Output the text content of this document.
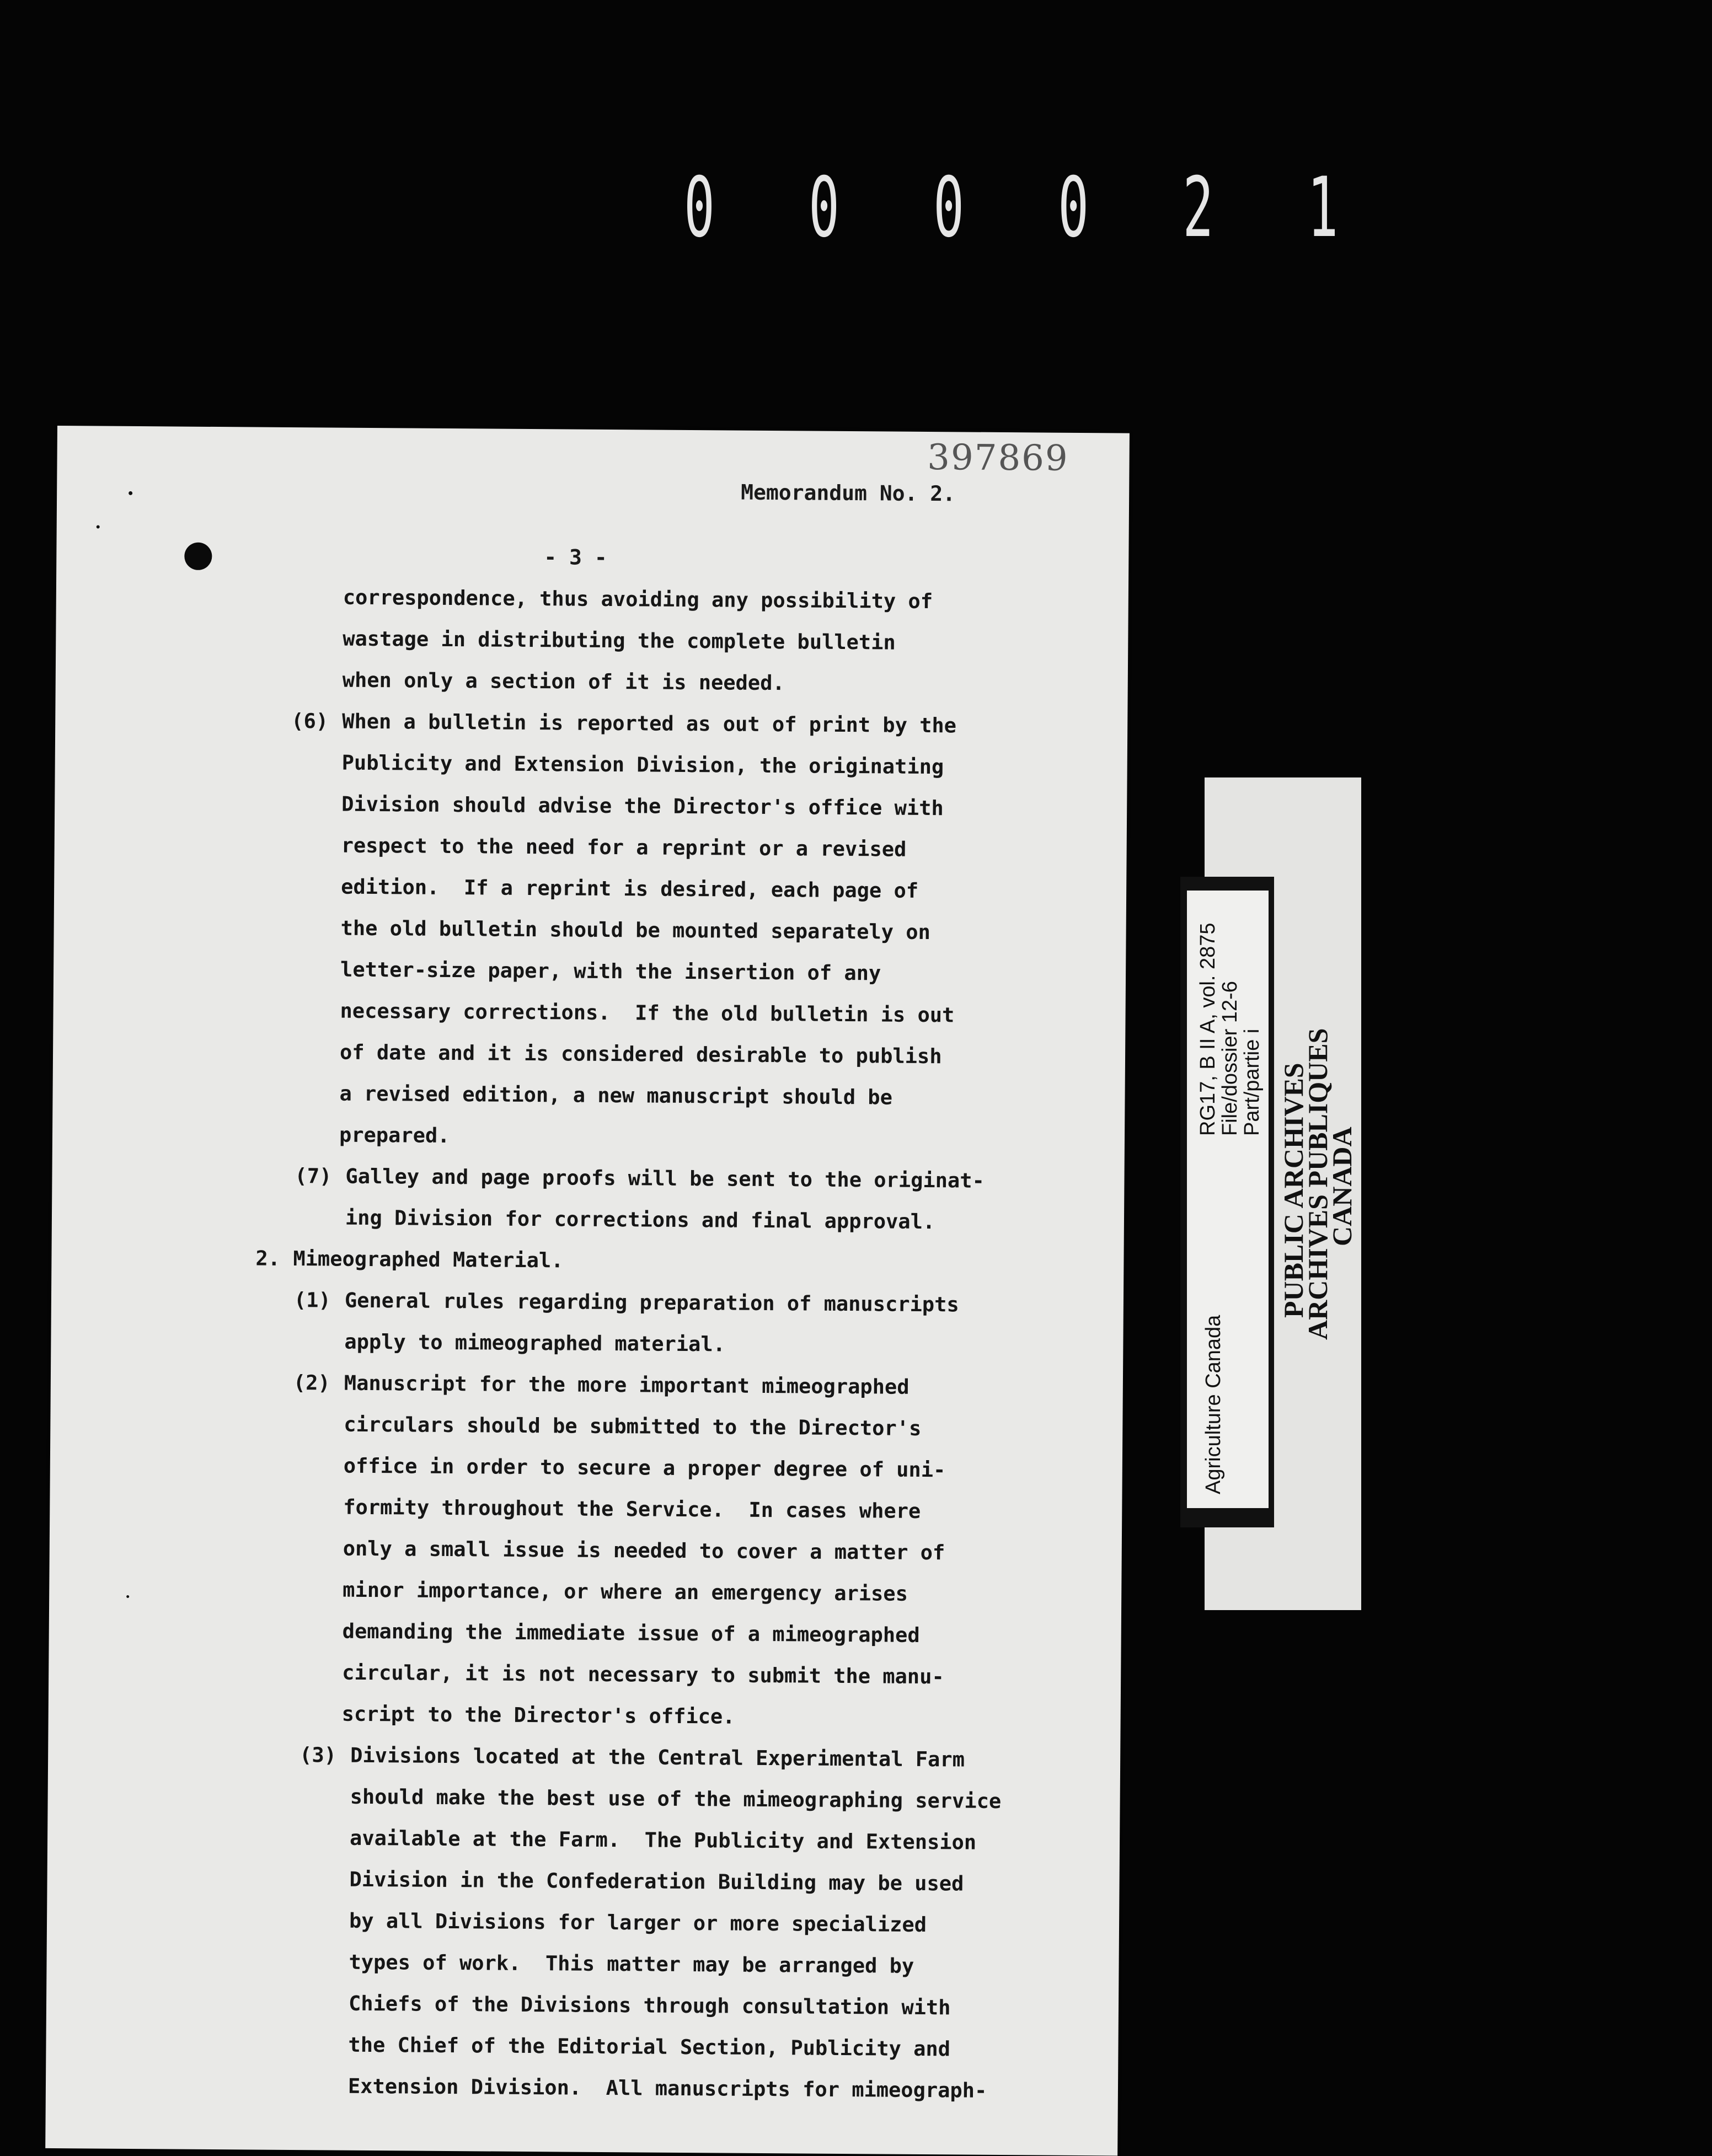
0 0 0 0 2 1
397869
Memorandum No. 2.
- 3 -
correspondence, thus avoiding any possibility of
wastage in distributing the complete bulletin
when only a section of it is needed.
(6) When a bulletin is reported as out of print by the
Publicity and Extension Division, the originating
Division should advise the Director's office with
respect to the need for a reprint or a revised
edition.  If a reprint is desired, each page of
the old bulletin should be mounted separately on
letter-size paper, with the insertion of any
necessary corrections.  If the old bulletin is out
of date and it is considered desirable to publish
a revised edition, a new manuscript should be
prepared.
(7) Galley and page proofs will be sent to the originat-
ing Division for corrections and final approval.
2. Mimeographed Material.
(1) General rules regarding preparation of manuscripts
apply to mimeographed material.
(2) Manuscript for the more important mimeographed
circulars should be submitted to the Director's
office in order to secure a proper degree of uni-
formity throughout the Service.  In cases where
only a small issue is needed to cover a matter of
minor importance, or where an emergency arises
demanding the immediate issue of a mimeographed
circular, it is not necessary to submit the manu-
script to the Director's office.
(3) Divisions located at the Central Experimental Farm
should make the best use of the mimeographing service
available at the Farm.  The Publicity and Extension
Division in the Confederation Building may be used
by all Divisions for larger or more specialized
types of work.  This matter may be arranged by
Chiefs of the Divisions through consultation with
the Chief of the Editorial Section, Publicity and
Extension Division.  All manuscripts for mimeograph-
RG17, B II A, vol. 2875
File/dossier 12-6
Part/partie i
Agriculture Canada
PUBLIC ARCHIVES
ARCHIVES PUBLIQUES
CANADA
